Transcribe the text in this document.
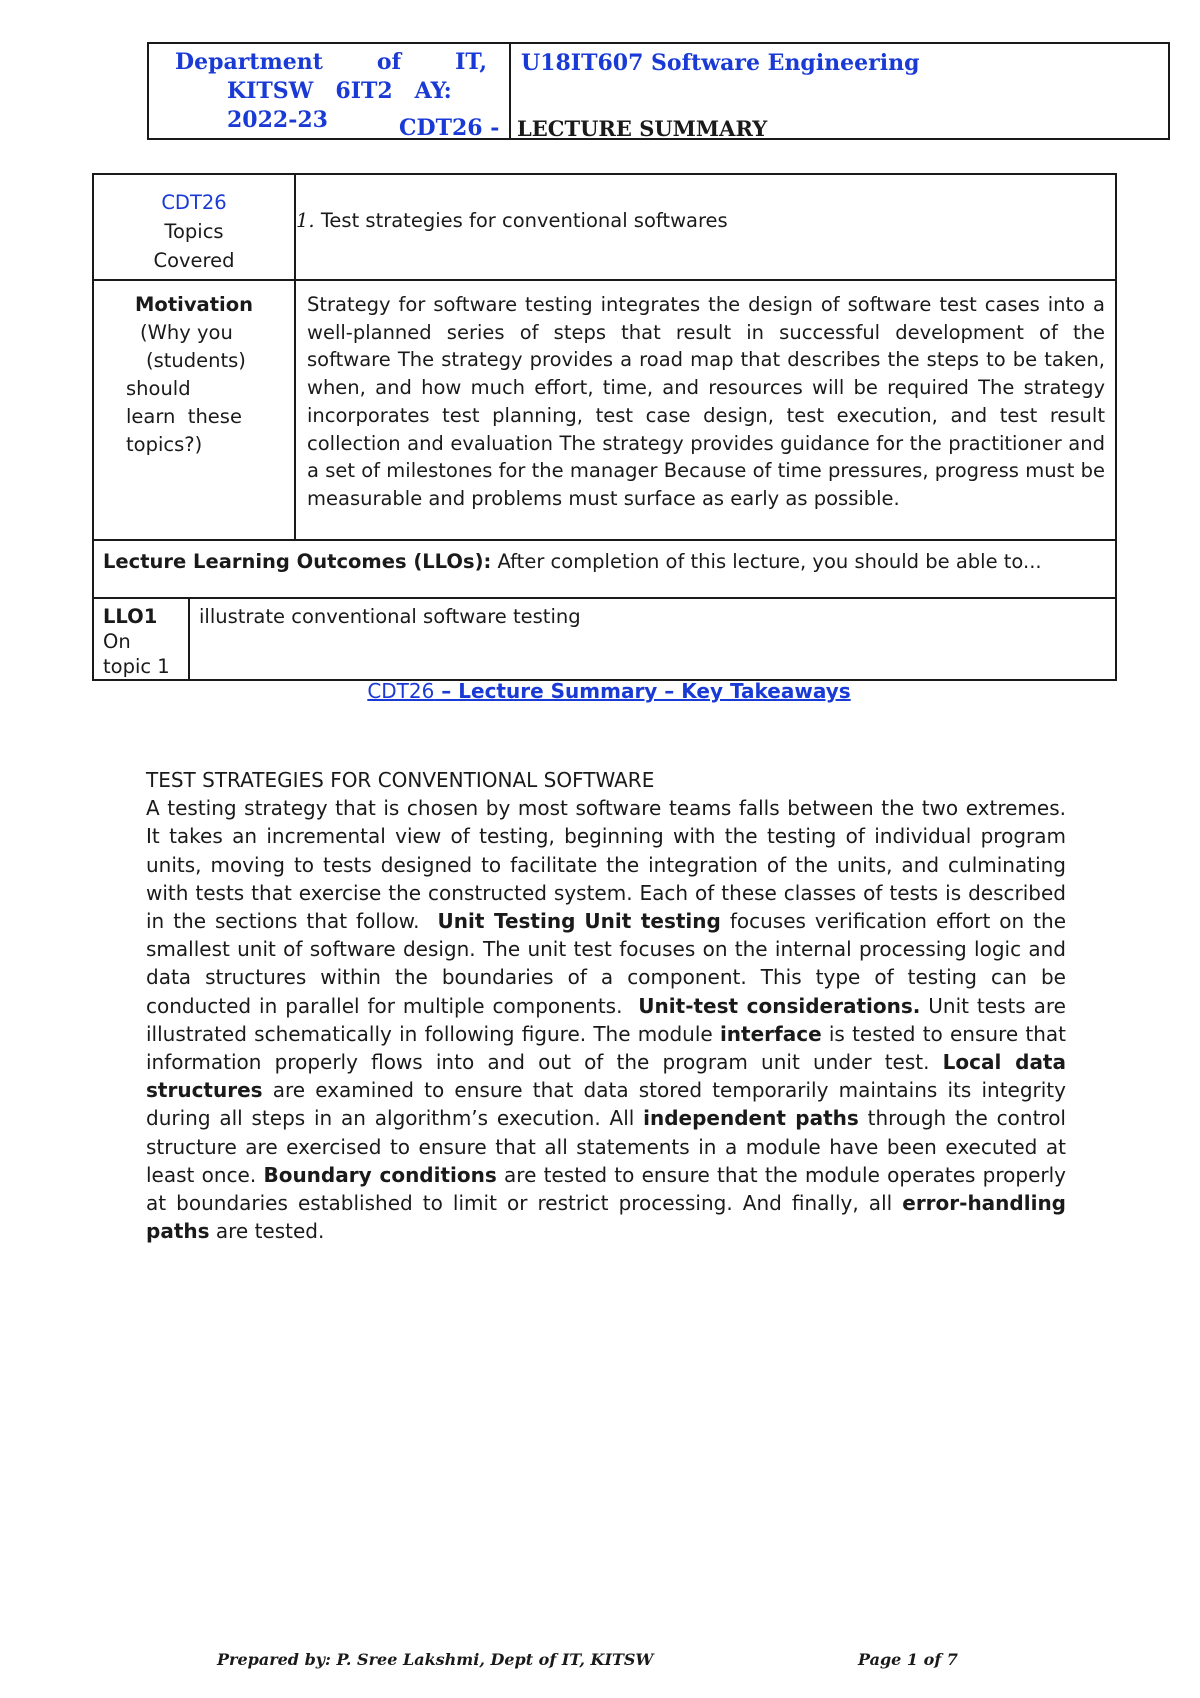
Department of IT,
KITSW 6IT2 AY:
2022-23	CDT26 -
U18IT607 Software Engineering
LECTURE SUMMARY
CDT26
Topics
Covered
1. Test strategies for conventional softwares
Motivation
(Why you
(students)
should
learn  these
topics?)
Strategy for software testing integrates the design of software test cases into a well-planned series of steps that result in successful development of the software The strategy provides a road map that describes the steps to be taken, when, and how much effort, time, and resources will be required The strategy incorporates test planning, test case design, test execution, and test result collection and evaluation The strategy provides guidance for the practitioner and a set of milestones for the manager Because of time pressures, progress must be measurable and problems must surface as early as possible.
Lecture Learning Outcomes (LLOs): After completion of this lecture, you should be able to...
LLO1
On
topic 1
illustrate conventional software testing
CDT26 – Lecture Summary – Key Takeaways
TEST STRATEGIES FOR CONVENTIONAL SOFTWARE
A testing strategy that is chosen by most software teams falls between the two extremes. It takes an incremental view of testing, beginning with the testing of individual program units, moving to tests designed to facilitate the integration of the units, and culminating with tests that exercise the constructed system. Each of these classes of tests is described in the sections that follow. Unit Testing Unit testing focuses verification effort on the smallest unit of software design. The unit test focuses on the internal processing logic and data structures within the boundaries of a component. This type of testing can be conducted in parallel for multiple components. Unit-test considerations. Unit tests are illustrated schematically in following figure. The module interface is tested to ensure that information properly flows into and out of the program unit under test. Local data structures are examined to ensure that data stored temporarily maintains its integrity during all steps in an algorithm’s execution. All independent paths through the control structure are exercised to ensure that all statements in a module have been executed at least once. Boundary conditions are tested to ensure that the module operates properly at boundaries established to limit or restrict processing. And finally, all error-handling paths are tested.
Prepared by: P. Sree Lakshmi, Dept of IT, KITSW	Page 1 of 7
